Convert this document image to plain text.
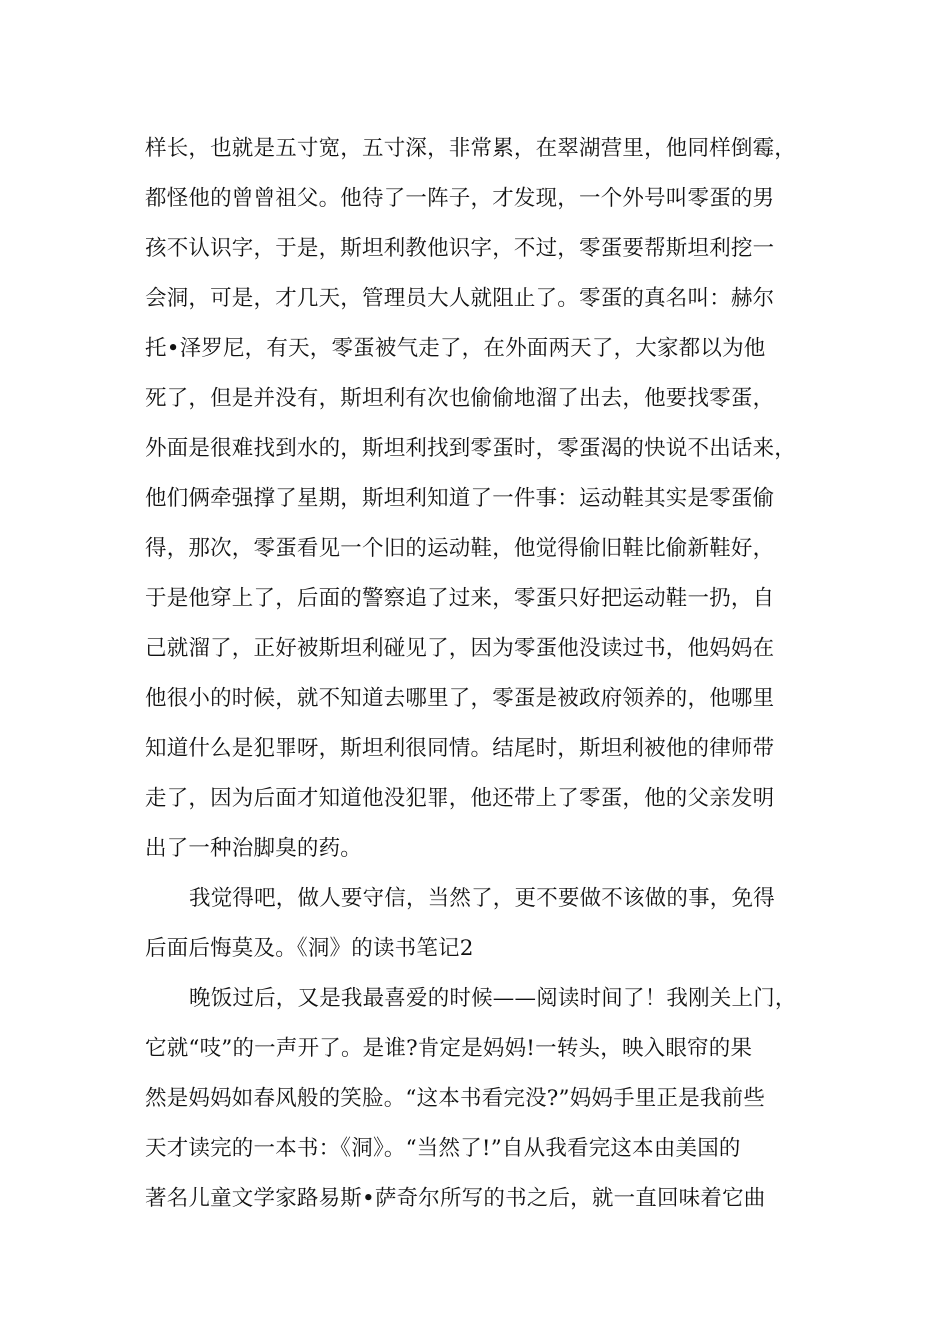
样长，也就是五寸宽，五寸深，非常累，在翠湖营里，他同样倒霉，
都怪他的曾曾祖父。他待了一阵子，才发现，一个外号叫零蛋的男
孩不认识字，于是，斯坦利教他识字，不过，零蛋要帮斯坦利挖一
会洞，可是，才几天，管理员大人就阻止了。零蛋的真名叫：赫尔
托•泽罗尼，有天，零蛋被气走了，在外面两天了，大家都以为他
死了，但是并没有，斯坦利有次也偷偷地溜了出去，他要找零蛋，
外面是很难找到水的，斯坦利找到零蛋时，零蛋渴的快说不出话来，
他们俩牵强撑了星期，斯坦利知道了一件事：运动鞋其实是零蛋偷
得，那次，零蛋看见一个旧的运动鞋，他觉得偷旧鞋比偷新鞋好，
于是他穿上了，后面的警察追了过来，零蛋只好把运动鞋一扔，自
己就溜了，正好被斯坦利碰见了，因为零蛋他没读过书，他妈妈在
他很小的时候，就不知道去哪里了，零蛋是被政府领养的，他哪里
知道什么是犯罪呀，斯坦利很同情。结尾时，斯坦利被他的律师带
走了，因为后面才知道他没犯罪，他还带上了零蛋，他的父亲发明
出了一种治脚臭的药。
我觉得吧，做人要守信，当然了，更不要做不该做的事，免得
后面后悔莫及。《洞》的读书笔记2
晚饭过后，又是我最喜爱的时候——阅读时间了！我刚关上门，
它就“吱”的一声开了。是谁?肯定是妈妈!一转头，映入眼帘的果
然是妈妈如春风般的笑脸。“这本书看完没?”妈妈手里正是我前些
天才读完的一本书：《洞》。“当然了!”自从我看完这本由美国的
著名儿童文学家路易斯•萨奇尔所写的书之后，就一直回味着它曲
